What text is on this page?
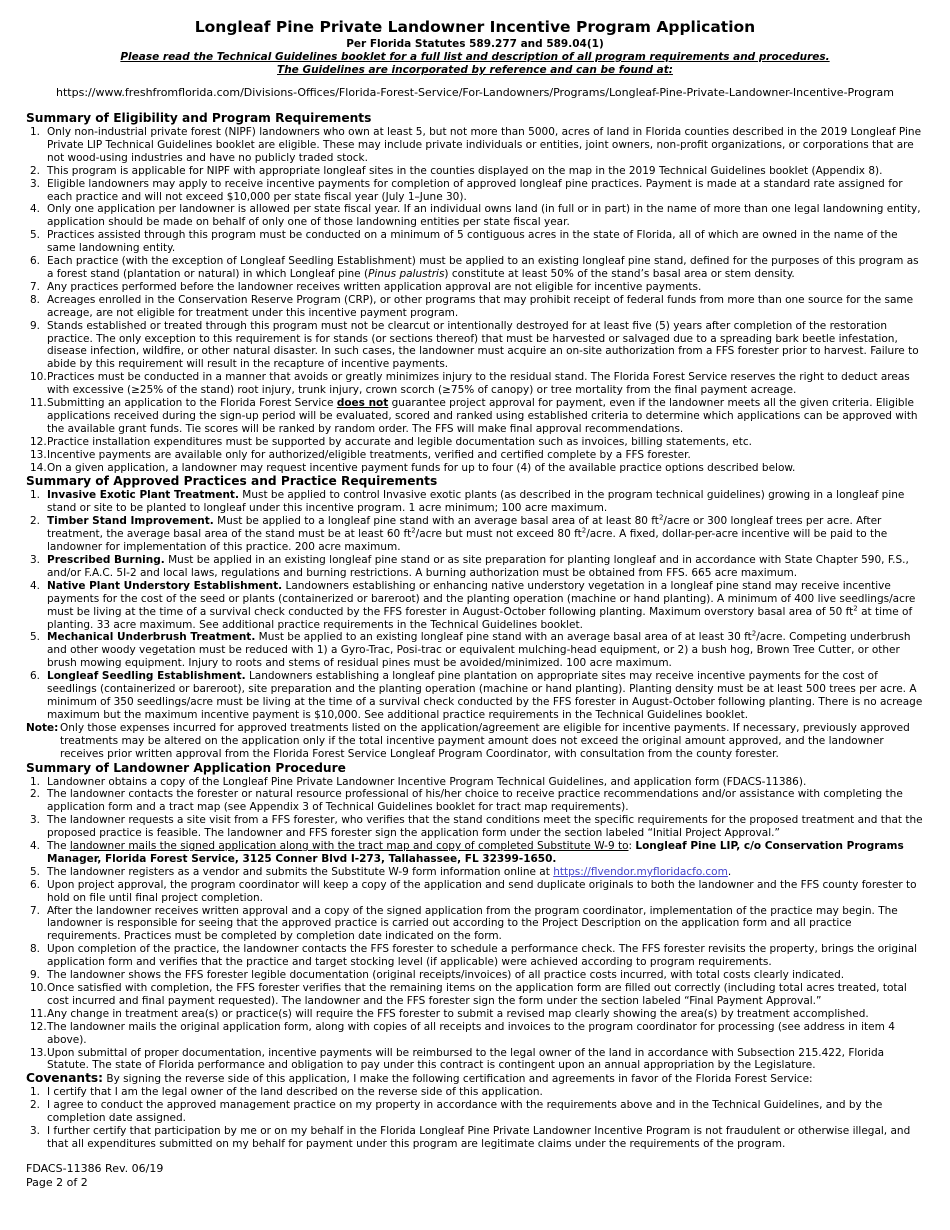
Longleaf Pine Private Landowner Incentive Program Application
Per Florida Statutes 589.277 and 589.04(1)
Please read the Technical Guidelines booklet for a full list and description of all program requirements and procedures.
The Guidelines are incorporated by reference and can be found at:
https://www.freshfromflorida.com/Divisions-Offices/Florida-Forest-Service/For-Landowners/Programs/Longleaf-Pine-Private-Landowner-Incentive-Program
Summary of Eligibility and Program Requirements
1. Only non-industrial private forest (NIPF) landowners who own at least 5, but not more than 5000, acres of land in Florida counties described in the 2019 Longleaf Pine Private LIP Technical Guidelines booklet are eligible. These may include private individuals or entities, joint owners, non-profit organizations, or corporations that are not wood-using industries and have no publicly traded stock.
2. This program is applicable for NIPF with appropriate longleaf sites in the counties displayed on the map in the 2019 Technical Guidelines booklet (Appendix 8).
3. Eligible landowners may apply to receive incentive payments for completion of approved longleaf pine practices. Payment is made at a standard rate assigned for each practice and will not exceed $10,000 per state fiscal year (July 1–June 30).
4. Only one application per landowner is allowed per state fiscal year. If an individual owns land (in full or in part) in the name of more than one legal landowning entity, application should be made on behalf of only one of those landowning entities per state fiscal year.
5. Practices assisted through this program must be conducted on a minimum of 5 contiguous acres in the state of Florida, all of which are owned in the name of the same landowning entity.
6. Each practice (with the exception of Longleaf Seedling Establishment) must be applied to an existing longleaf pine stand, defined for the purposes of this program as a forest stand (plantation or natural) in which Longleaf pine (Pinus palustris) constitute at least 50% of the stand’s basal area or stem density.
7. Any practices performed before the landowner receives written application approval are not eligible for incentive payments.
8. Acreages enrolled in the Conservation Reserve Program (CRP), or other programs that may prohibit receipt of federal funds from more than one source for the same acreage, are not eligible for treatment under this incentive payment program.
9. Stands established or treated through this program must not be clearcut or intentionally destroyed for at least five (5) years after completion of the restoration practice. The only exception to this requirement is for stands (or sections thereof) that must be harvested or salvaged due to a spreading bark beetle infestation, disease infection, wildfire, or other natural disaster. In such cases, the landowner must acquire an on-site authorization from a FFS forester prior to harvest. Failure to abide by this requirement will result in the recapture of incentive payments.
10. Practices must be conducted in a manner that avoids or greatly minimizes injury to the residual stand. The Florida Forest Service reserves the right to deduct areas with excessive (≥25% of the stand) root injury, trunk injury, crown scorch (≥75% of canopy) or tree mortality from the final payment acreage.
11. Submitting an application to the Florida Forest Service does not guarantee project approval for payment, even if the landowner meets all the given criteria. Eligible applications received during the sign-up period will be evaluated, scored and ranked using established criteria to determine which applications can be approved with the available grant funds. Tie scores will be ranked by random order. The FFS will make final approval recommendations.
12. Practice installation expenditures must be supported by accurate and legible documentation such as invoices, billing statements, etc.
13. Incentive payments are available only for authorized/eligible treatments, verified and certified complete by a FFS forester.
14. On a given application, a landowner may request incentive payment funds for up to four (4) of the available practice options described below.
Summary of Approved Practices and Practice Requirements
1. Invasive Exotic Plant Treatment. Must be applied to control Invasive exotic plants (as described in the program technical guidelines) growing in a longleaf pine stand or site to be planted to longleaf under this incentive program. 1 acre minimum; 100 acre maximum.
2. Timber Stand Improvement. Must be applied to a longleaf pine stand with an average basal area of at least 80 $ft^2$/acre or 300 longleaf trees per acre. After treatment, the average basal area of the stand must be at least 60 $ft^2$/acre but must not exceed 80 $ft^2$/acre. A fixed, dollar-per-acre incentive will be paid to the landowner for implementation of this practice. 200 acre maximum.
3. Prescribed Burning. Must be applied in an existing longleaf pine stand or as site preparation for planting longleaf and in accordance with State Chapter 590, F.S., and/or F.A.C. 5I-2 and local laws, regulations and burning restrictions. A burning authorization must be obtained from FFS. 665 acre maximum.
4. Native Plant Understory Establishment. Landowners establishing or enhancing native understory vegetation in a longleaf pine stand may receive incentive payments for the cost of the seed or plants (containerized or bareroot) and the planting operation (machine or hand planting). A minimum of 400 live seedlings/acre must be living at the time of a survival check conducted by the FFS forester in August-October following planting. Maximum overstory basal area of 50 $ft^2$ at time of planting. 33 acre maximum. See additional practice requirements in the Technical Guidelines booklet.
5. Mechanical Underbrush Treatment. Must be applied to an existing longleaf pine stand with an average basal area of at least 30 $ft^2$/acre. Competing underbrush and other woody vegetation must be reduced with 1) a Gyro-Trac, Posi-trac or equivalent mulching-head equipment, or 2) a bush hog, Brown Tree Cutter, or other brush mowing equipment. Injury to roots and stems of residual pines must be avoided/minimized. 100 acre maximum.
6. Longleaf Seedling Establishment. Landowners establishing a longleaf pine plantation on appropriate sites may receive incentive payments for the cost of seedlings (containerized or bareroot), site preparation and the planting operation (machine or hand planting). Planting density must be at least 500 trees per acre. A minimum of 350 seedlings/acre must be living at the time of a survival check conducted by the FFS forester in August-October following planting. There is no acreage maximum but the maximum incentive payment is $10,000. See additional practice requirements in the Technical Guidelines booklet.
Note: Only those expenses incurred for approved treatments listed on the application/agreement are eligible for incentive payments. If necessary, previously approved treatments may be altered on the application only if the total incentive payment amount does not exceed the original amount approved, and the landowner receives prior written approval from the Florida Forest Service Longleaf Program Coordinator, with consultation from the county forester.
Summary of Landowner Application Procedure
1. Landowner obtains a copy of the Longleaf Pine Private Landowner Incentive Program Technical Guidelines, and application form (FDACS-11386).
2. The landowner contacts the forester or natural resource professional of his/her choice to receive practice recommendations and/or assistance with completing the application form and a tract map (see Appendix 3 of Technical Guidelines booklet for tract map requirements).
3. The landowner requests a site visit from a FFS forester, who verifies that the stand conditions meet the specific requirements for the proposed treatment and that the proposed practice is feasible. The landowner and FFS forester sign the application form under the section labeled “Initial Project Approval.”
4. The landowner mails the signed application along with the tract map and copy of completed Substitute W-9 to: Longleaf Pine LIP, c/o Conservation Programs Manager, Florida Forest Service, 3125 Conner Blvd I-273, Tallahassee, FL 32399-1650.
5. The landowner registers as a vendor and submits the Substitute W-9 form information online at https://flvendor.myfloridacfo.com.
6. Upon project approval, the program coordinator will keep a copy of the application and send duplicate originals to both the landowner and the FFS county forester to hold on file until final project completion.
7. After the landowner receives written approval and a copy of the signed application from the program coordinator, implementation of the practice may begin. The landowner is responsible for seeing that the approved practice is carried out according to the Project Description on the application form and all practice requirements. Practices must be completed by completion date indicated on the form.
8. Upon completion of the practice, the landowner contacts the FFS forester to schedule a performance check. The FFS forester revisits the property, brings the original application form and verifies that the practice and target stocking level (if applicable) were achieved according to program requirements.
9. The landowner shows the FFS forester legible documentation (original receipts/invoices) of all practice costs incurred, with total costs clearly indicated.
10. Once satisfied with completion, the FFS forester verifies that the remaining items on the application form are filled out correctly (including total acres treated, total cost incurred and final payment requested). The landowner and the FFS forester sign the form under the section labeled “Final Payment Approval.”
11. Any change in treatment area(s) or practice(s) will require the FFS forester to submit a revised map clearly showing the area(s) by treatment accomplished.
12. The landowner mails the original application form, along with copies of all receipts and invoices to the program coordinator for processing (see address in item 4 above).
13. Upon submittal of proper documentation, incentive payments will be reimbursed to the legal owner of the land in accordance with Subsection 215.422, Florida Statute. The state of Florida performance and obligation to pay under this contract is contingent upon an annual appropriation by the Legislature.
Covenants: By signing the reverse side of this application, I make the following certification and agreements in favor of the Florida Forest Service:
1. I certify that I am the legal owner of the land described on the reverse side of this application.
2. I agree to conduct the approved management practice on my property in accordance with the requirements above and in the Technical Guidelines, and by the completion date assigned.
3. I further certify that participation by me or on my behalf in the Florida Longleaf Pine Private Landowner Incentive Program is not fraudulent or otherwise illegal, and that all expenditures submitted on my behalf for payment under this program are legitimate claims under the requirements of the program.
FDACS-11386 Rev. 06/19
Page 2 of 2
